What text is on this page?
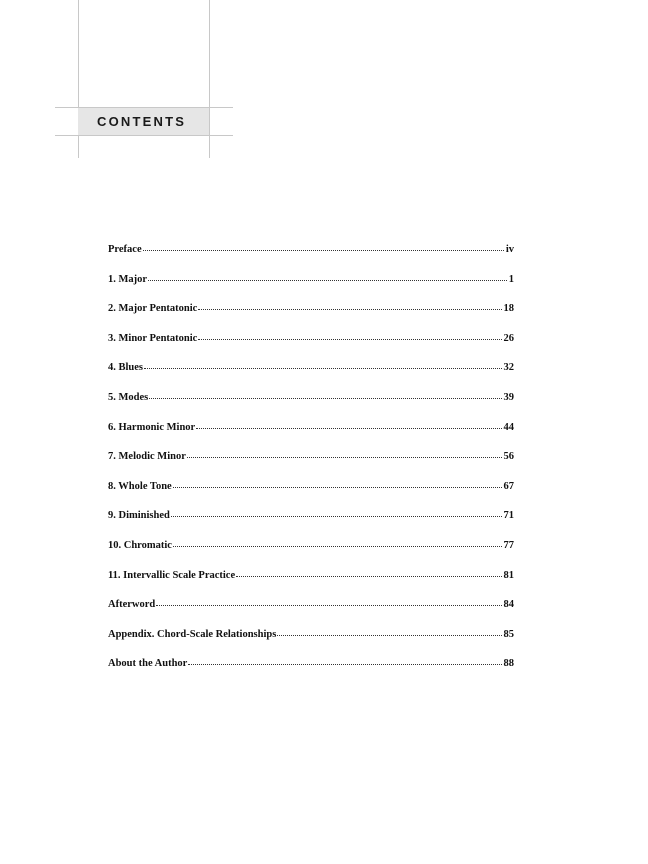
CONTENTS
Preface	iv
1. Major	1
2. Major Pentatonic	18
3. Minor Pentatonic	26
4. Blues	32
5. Modes	39
6. Harmonic Minor	44
7. Melodic Minor	56
8. Whole Tone	67
9. Diminished	71
10. Chromatic	77
11. Intervallic Scale Practice	81
Afterword	84
Appendix. Chord-Scale Relationships	85
About the Author	88
